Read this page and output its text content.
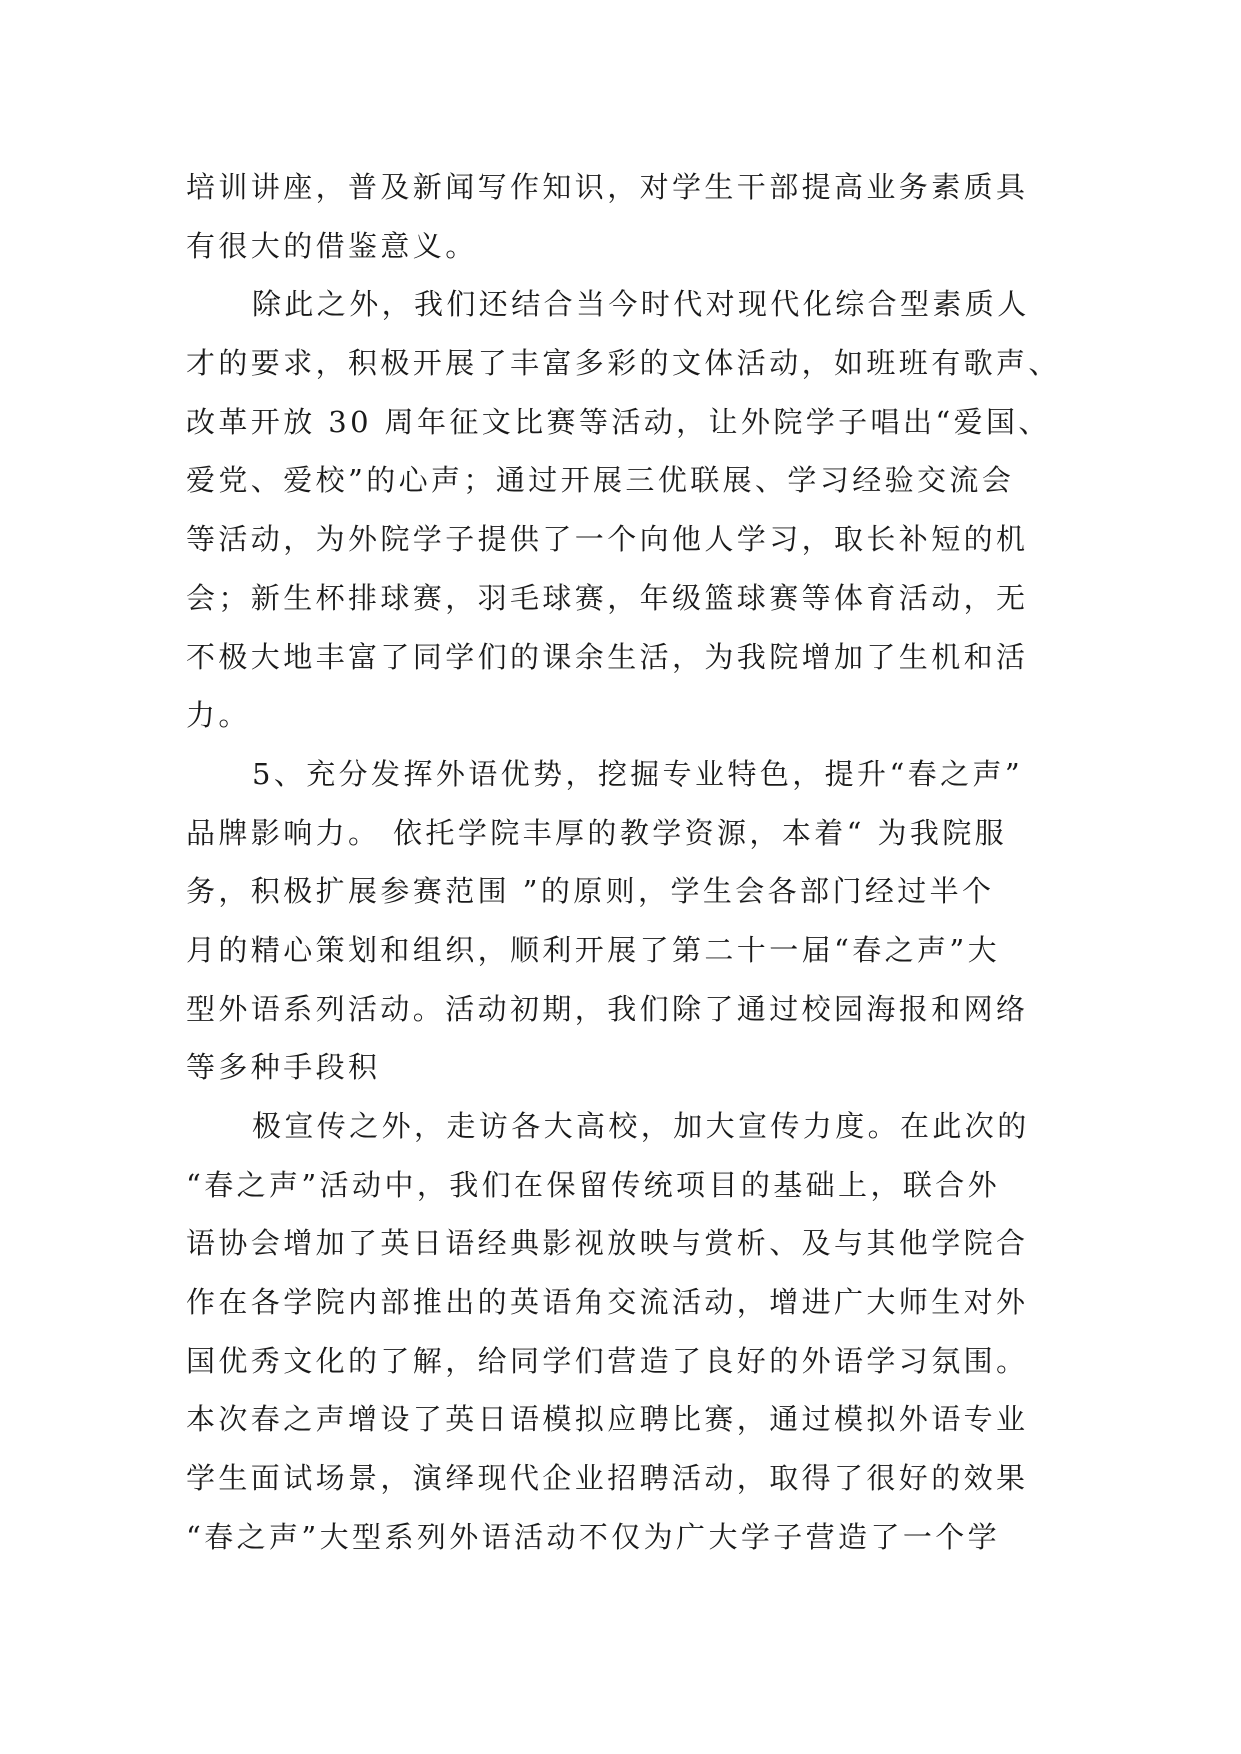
培训讲座，普及新闻写作知识，对学生干部提高业务素质具
有很大的借鉴意义。
除此之外，我们还结合当今时代对现代化综合型素质人
才的要求，积极开展了丰富多彩的文体活动，如班班有歌声、
改革开放 30 周年征文比赛等活动，让外院学子唱出“爱国、
爱党、爱校”的心声；通过开展三优联展、学习经验交流会
等活动，为外院学子提供了一个向他人学习，取长补短的机
会；新生杯排球赛，羽毛球赛，年级篮球赛等体育活动，无
不极大地丰富了同学们的课余生活，为我院增加了生机和活
力。
5、充分发挥外语优势，挖掘专业特色，提升“春之声”
品牌影响力。 依托学院丰厚的教学资源，本着“ 为我院服
务，积极扩展参赛范围 ”的原则，学生会各部门经过半个
月的精心策划和组织，顺利开展了第二十一届“春之声”大
型外语系列活动。活动初期，我们除了通过校园海报和网络
等多种手段积
极宣传之外，走访各大高校，加大宣传力度。在此次的
“春之声”活动中，我们在保留传统项目的基础上，联合外
语协会增加了英日语经典影视放映与赏析、及与其他学院合
作在各学院内部推出的英语角交流活动，增进广大师生对外
国优秀文化的了解，给同学们营造了良好的外语学习氛围。
本次春之声增设了英日语模拟应聘比赛，通过模拟外语专业
学生面试场景，演绎现代企业招聘活动，取得了很好的效果
“春之声”大型系列外语活动不仅为广大学子营造了一个学
